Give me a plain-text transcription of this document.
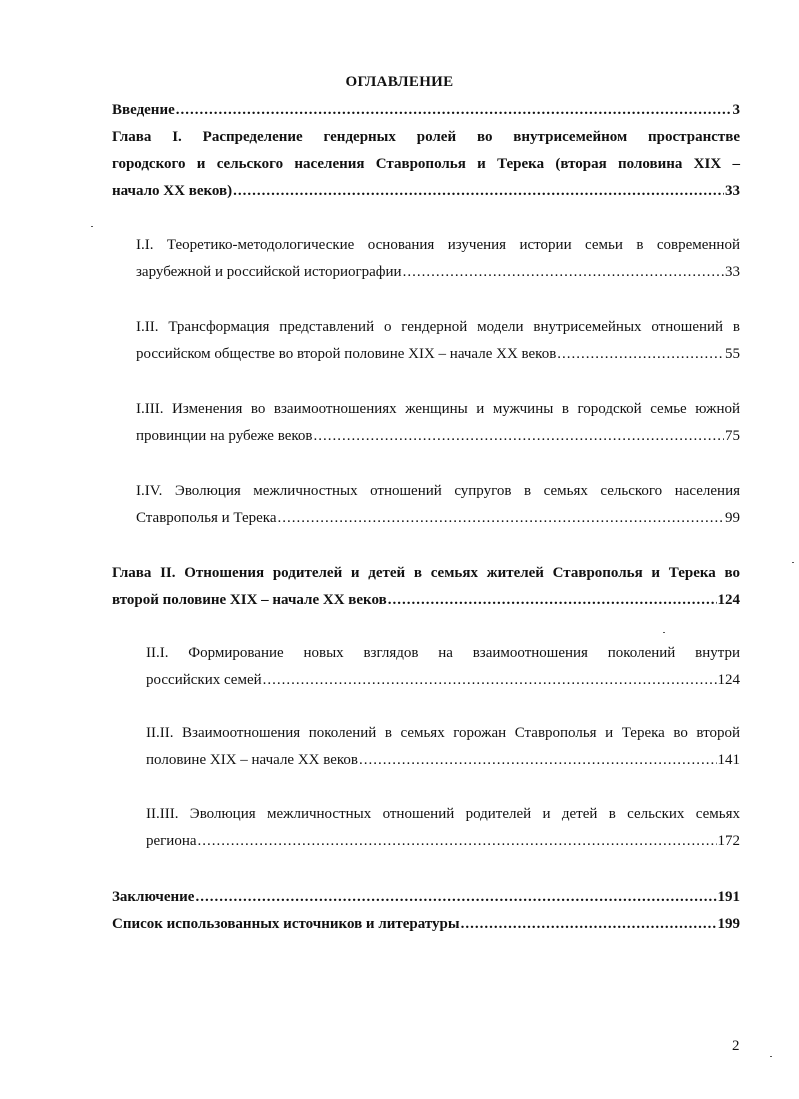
ОГЛАВЛЕНИЕ
Введение .....	3
Глава I. Распределение гендерных ролей во внутрисемейном пространстве
городского и сельского населения Ставрополья и Терека (вторая половина XIX –
начало XX веков) .....	33
I.I. Теоретико-методологические основания изучения истории семьи в современной
зарубежной и российской историографии .....	33
I.II. Трансформация представлений о гендерной модели внутрисемейных отношений в
российском обществе во второй половине XIX – начале XX веков .....	55
I.III. Изменения во взаимоотношениях женщины и мужчины в городской семье южной
провинции на рубеже веков .....	75
I.IV. Эволюция межличностных отношений супругов в семьях сельского населения
Ставрополья и Терека .....	99
Глава II. Отношения родителей и детей в семьях жителей Ставрополья и Терека во
второй половине XIX – начале XX веков .....	124
II.I. Формирование новых взглядов на взаимоотношения поколений внутри
российских семей .....	124
II.II. Взаимоотношения поколений в семьях горожан Ставрополья и Терека во второй
половине XIX – начале XX веков .....	141
II.III. Эволюция межличностных отношений родителей и детей в сельских семьях
региона .....	172
Заключение .....	191
Список использованных источников и литературы .....	199
2
